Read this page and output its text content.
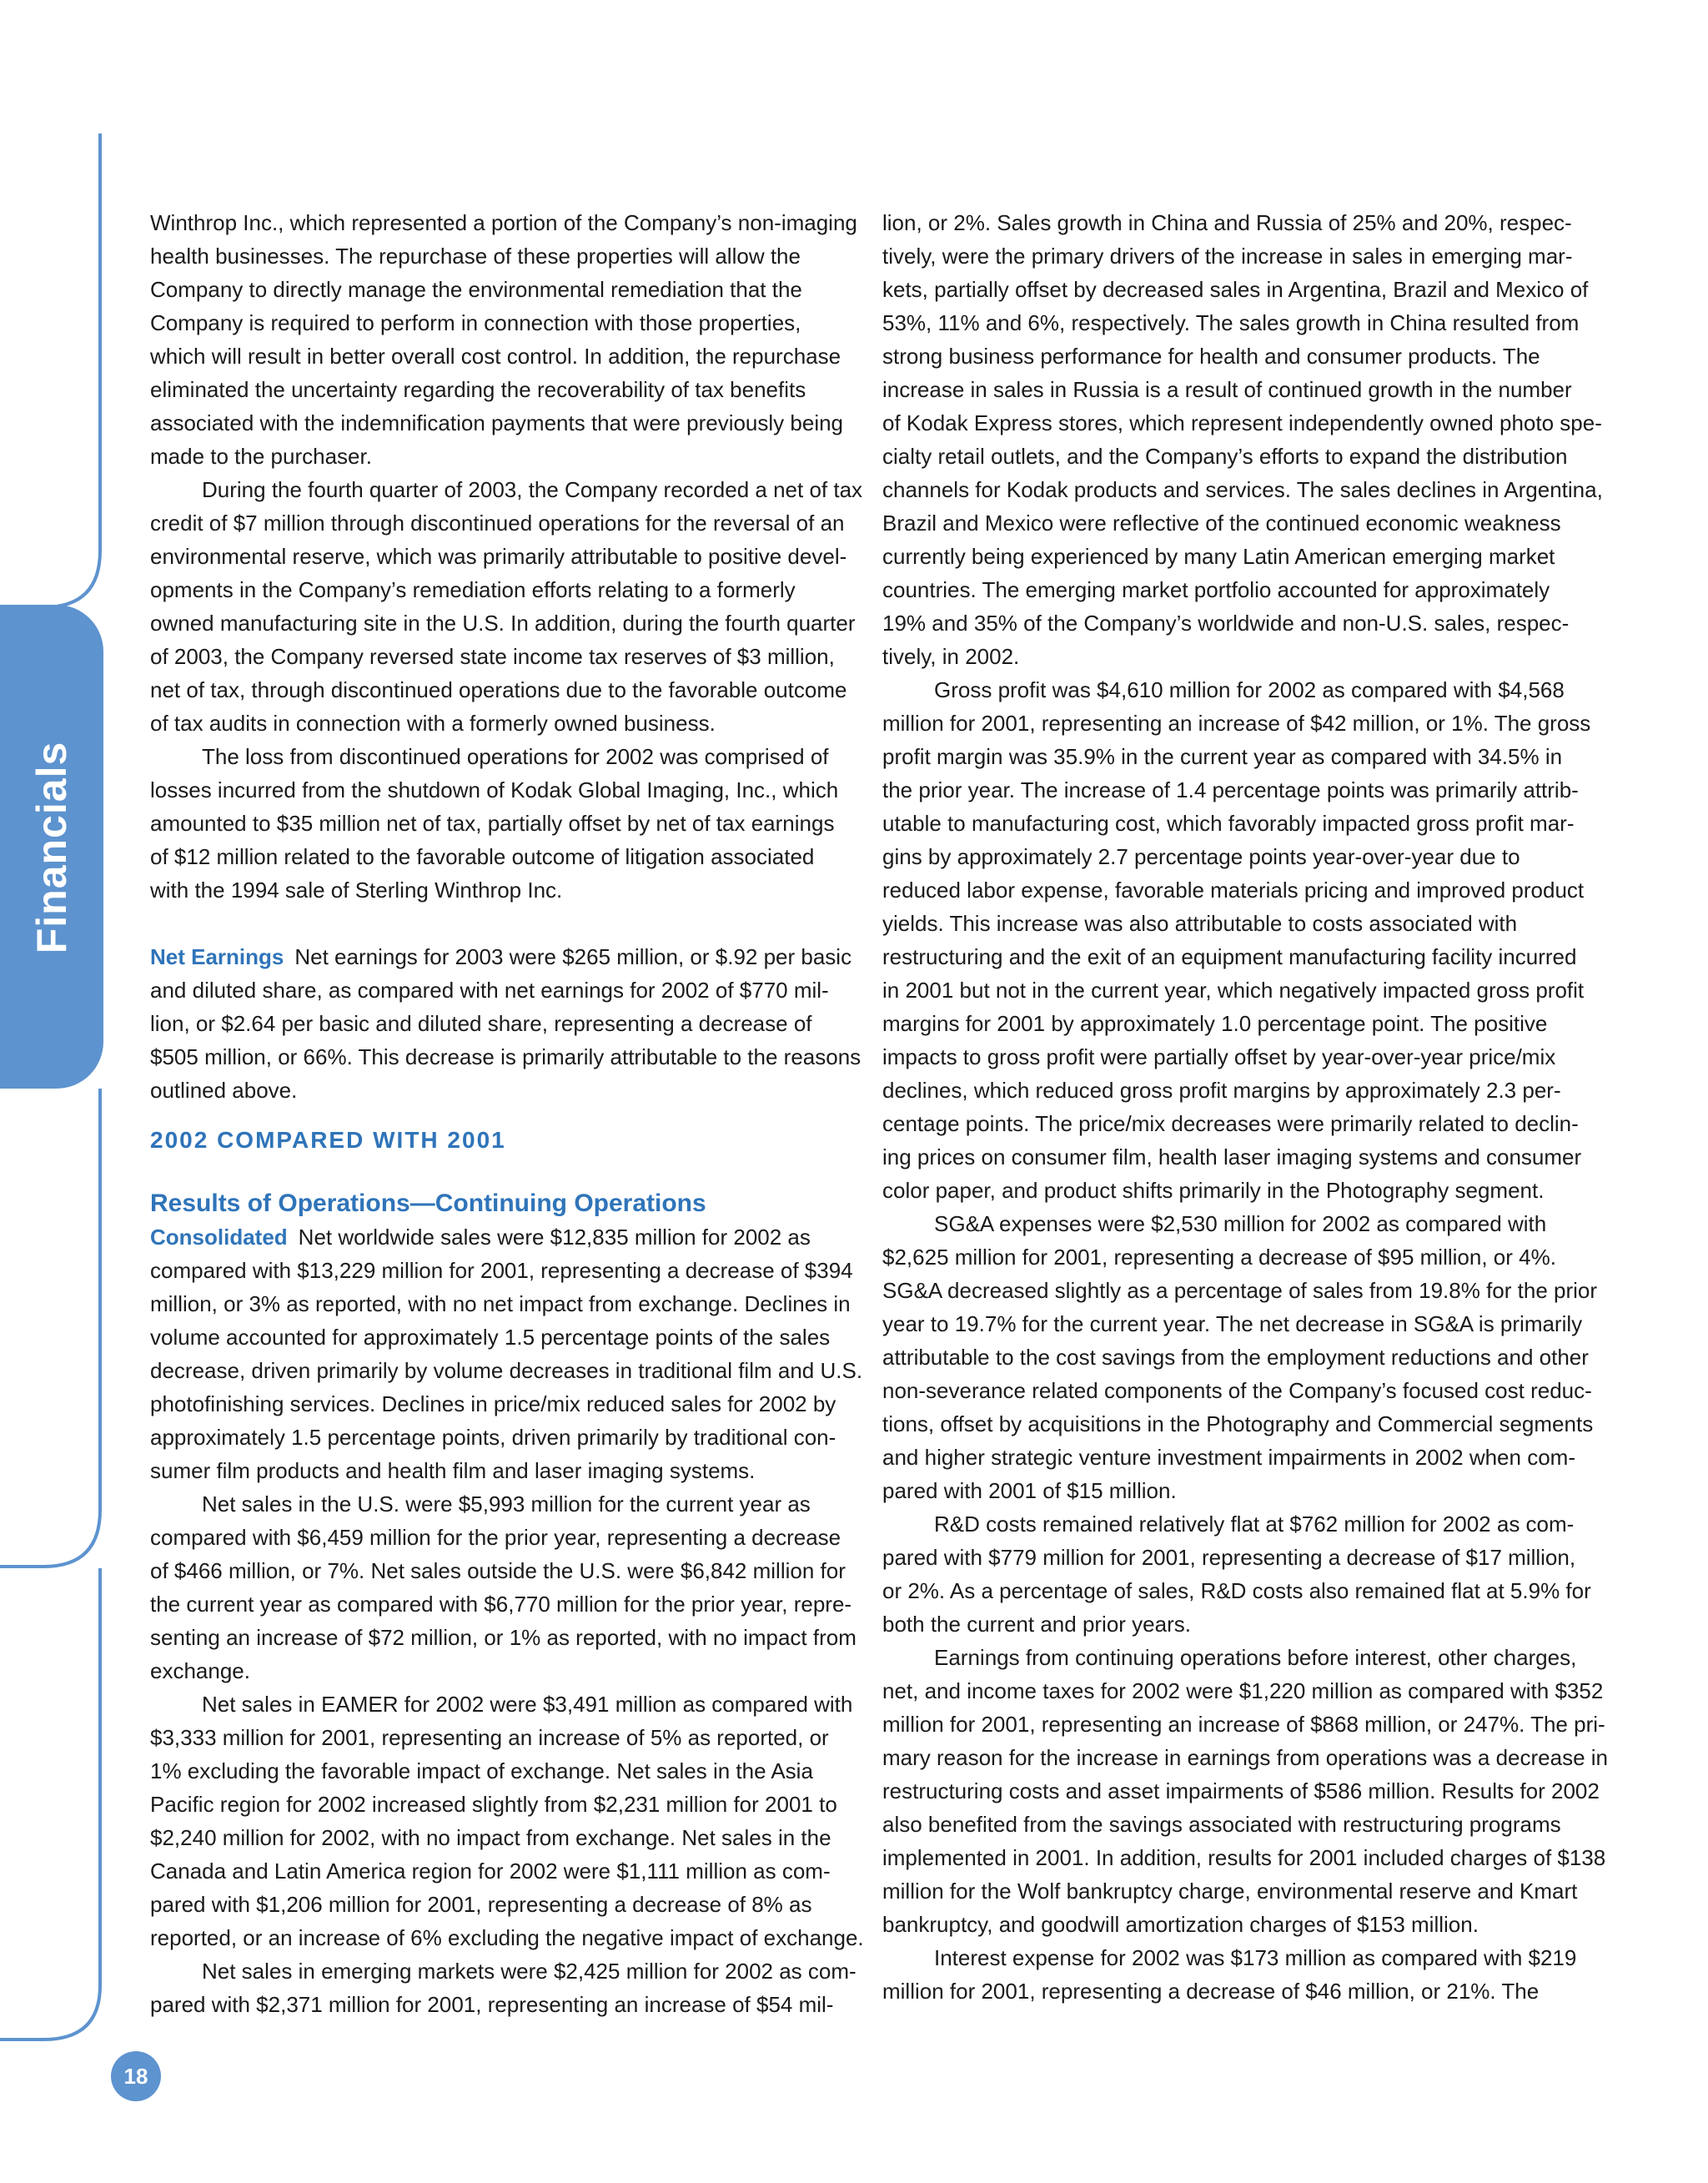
Financials

Winthrop Inc., which represented a portion of the Company’s non-imaging

health businesses. The repurchase of these properties will allow the

Company to directly manage the environmental remediation that the

Company is required to perform in connection with those properties,

which will result in better overall cost control. In addition, the repurchase

eliminated the uncertainty regarding the recoverability of tax benefits

associated with the indemnification payments that were previously being

made to the purchaser.

During the fourth quarter of 2003, the Company recorded a net of tax

credit of $7 million through discontinued operations for the reversal of an

environmental reserve, which was primarily attributable to positive devel-

opments in the Company’s remediation efforts relating to a formerly

owned manufacturing site in the U.S. In addition, during the fourth quarter

of 2003, the Company reversed state income tax reserves of $3 million,

net of tax, through discontinued operations due to the favorable outcome

of tax audits in connection with a formerly owned business.

The loss from discontinued operations for 2002 was comprised of

losses incurred from the shutdown of Kodak Global Imaging, Inc., which

amounted to $35 million net of tax, partially offset by net of tax earnings

of $12 million related to the favorable outcome of litigation associated

with the 1994 sale of Sterling Winthrop Inc.

Net Earnings  Net earnings for 2003 were $265 million, or $.92 per basic

and diluted share, as compared with net earnings for 2002 of $770 mil-

lion, or $2.64 per basic and diluted share, representing a decrease of

$505 million, or 66%. This decrease is primarily attributable to the reasons

outlined above.

2002 COMPARED WITH 2001
Results of Operations—Continuing Operations

Consolidated  Net worldwide sales were $12,835 million for 2002 as

compared with $13,229 million for 2001, representing a decrease of $394

million, or 3% as reported, with no net impact from exchange. Declines in

volume accounted for approximately 1.5 percentage points of the sales

decrease, driven primarily by volume decreases in traditional film and U.S.

photofinishing services. Declines in price/mix reduced sales for 2002 by

approximately 1.5 percentage points, driven primarily by traditional con-

sumer film products and health film and laser imaging systems.

Net sales in the U.S. were $5,993 million for the current year as

compared with $6,459 million for the prior year, representing a decrease

of $466 million, or 7%. Net sales outside the U.S. were $6,842 million for

the current year as compared with $6,770 million for the prior year, repre-

senting an increase of $72 million, or 1% as reported, with no impact from

exchange.

Net sales in EAMER for 2002 were $3,491 million as compared with

$3,333 million for 2001, representing an increase of 5% as reported, or

1% excluding the favorable impact of exchange. Net sales in the Asia

Pacific region for 2002 increased slightly from $2,231 million for 2001 to

$2,240 million for 2002, with no impact from exchange. Net sales in the

Canada and Latin America region for 2002 were $1,111 million as com-

pared with $1,206 million for 2001, representing a decrease of 8% as

reported, or an increase of 6% excluding the negative impact of exchange.

Net sales in emerging markets were $2,425 million for 2002 as com-

pared with $2,371 million for 2001, representing an increase of $54 mil-

lion, or 2%. Sales growth in China and Russia of 25% and 20%, respec-

tively, were the primary drivers of the increase in sales in emerging mar-

kets, partially offset by decreased sales in Argentina, Brazil and Mexico of

53%, 11% and 6%, respectively. The sales growth in China resulted from

strong business performance for health and consumer products. The

increase in sales in Russia is a result of continued growth in the number

of Kodak Express stores, which represent independently owned photo spe-

cialty retail outlets, and the Company’s efforts to expand the distribution

channels for Kodak products and services. The sales declines in Argentina,

Brazil and Mexico were reflective of the continued economic weakness

currently being experienced by many Latin American emerging market

countries. The emerging market portfolio accounted for approximately

19% and 35% of the Company’s worldwide and non-U.S. sales, respec-

tively, in 2002.

Gross profit was $4,610 million for 2002 as compared with $4,568

million for 2001, representing an increase of $42 million, or 1%. The gross

profit margin was 35.9% in the current year as compared with 34.5% in

the prior year. The increase of 1.4 percentage points was primarily attrib-

utable to manufacturing cost, which favorably impacted gross profit mar-

gins by approximately 2.7 percentage points year-over-year due to

reduced labor expense, favorable materials pricing and improved product

yields. This increase was also attributable to costs associated with

restructuring and the exit of an equipment manufacturing facility incurred

in 2001 but not in the current year, which negatively impacted gross profit

margins for 2001 by approximately 1.0 percentage point. The positive

impacts to gross profit were partially offset by year-over-year price/mix

declines, which reduced gross profit margins by approximately 2.3 per-

centage points. The price/mix decreases were primarily related to declin-

ing prices on consumer film, health laser imaging systems and consumer

color paper, and product shifts primarily in the Photography segment.

SG&A expenses were $2,530 million for 2002 as compared with

$2,625 million for 2001, representing a decrease of $95 million, or 4%.

SG&A decreased slightly as a percentage of sales from 19.8% for the prior

year to 19.7% for the current year. The net decrease in SG&A is primarily

attributable to the cost savings from the employment reductions and other

non-severance related components of the Company’s focused cost reduc-

tions, offset by acquisitions in the Photography and Commercial segments

and higher strategic venture investment impairments in 2002 when com-

pared with 2001 of $15 million.

R&D costs remained relatively flat at $762 million for 2002 as com-

pared with $779 million for 2001, representing a decrease of $17 million,

or 2%. As a percentage of sales, R&D costs also remained flat at 5.9% for

both the current and prior years.

Earnings from continuing operations before interest, other charges,

net, and income taxes for 2002 were $1,220 million as compared with $352

million for 2001, representing an increase of $868 million, or 247%. The pri-

mary reason for the increase in earnings from operations was a decrease in

restructuring costs and asset impairments of $586 million. Results for 2002

also benefited from the savings associated with restructuring programs

implemented in 2001. In addition, results for 2001 included charges of $138

million for the Wolf bankruptcy charge, environmental reserve and Kmart

bankruptcy, and goodwill amortization charges of $153 million.

Interest expense for 2002 was $173 million as compared with $219

million for 2001, representing a decrease of $46 million, or 21%. The

18
